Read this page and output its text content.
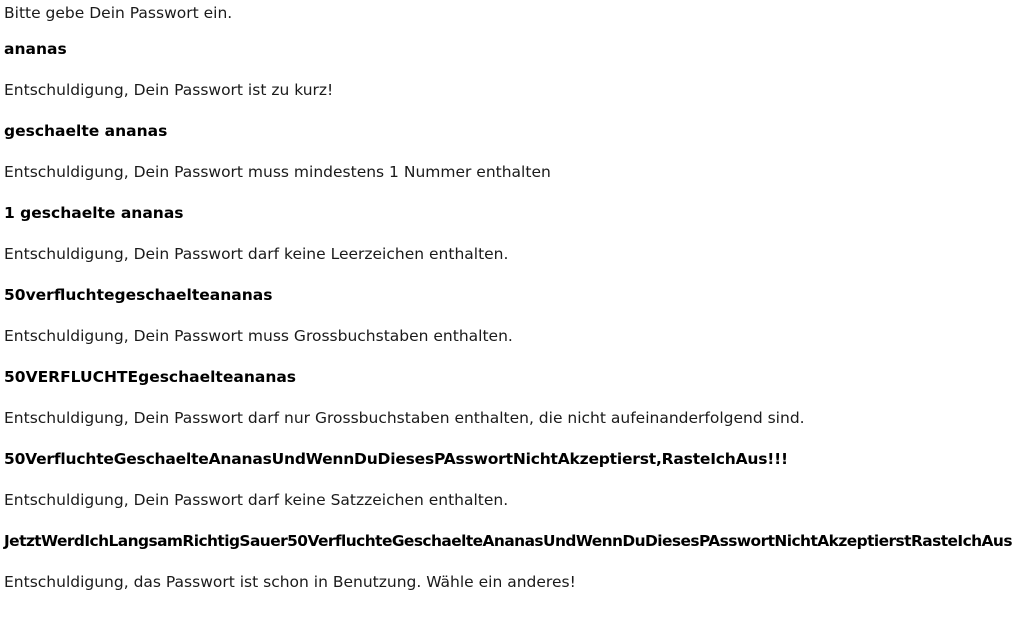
Bitte gebe Dein Passwort ein.
ananas
Entschuldigung, Dein Passwort ist zu kurz!
geschaelte ananas
Entschuldigung, Dein Passwort muss mindestens 1 Nummer enthalten
1 geschaelte ananas
Entschuldigung, Dein Passwort darf keine Leerzeichen enthalten.
50verfluchtegeschaelteananas
Entschuldigung, Dein Passwort muss Grossbuchstaben enthalten.
50VERFLUCHTEgeschaelteananas
Entschuldigung, Dein Passwort darf nur Grossbuchstaben enthalten, die nicht aufeinanderfolgend sind.
50VerfluchteGeschaelteAnanasUndWennDuDiesesPAsswortNichtAkzeptierst,RasteIchAus!!!
Entschuldigung, Dein Passwort darf keine Satzzeichen enthalten.
JetztWerdIchLangsamRichtigSauer50VerfluchteGeschaelteAnanasUndWennDuDiesesPAsswortNichtAkzeptierstRasteIchAus
Entschuldigung, das Passwort ist schon in Benutzung. Wähle ein anderes!
